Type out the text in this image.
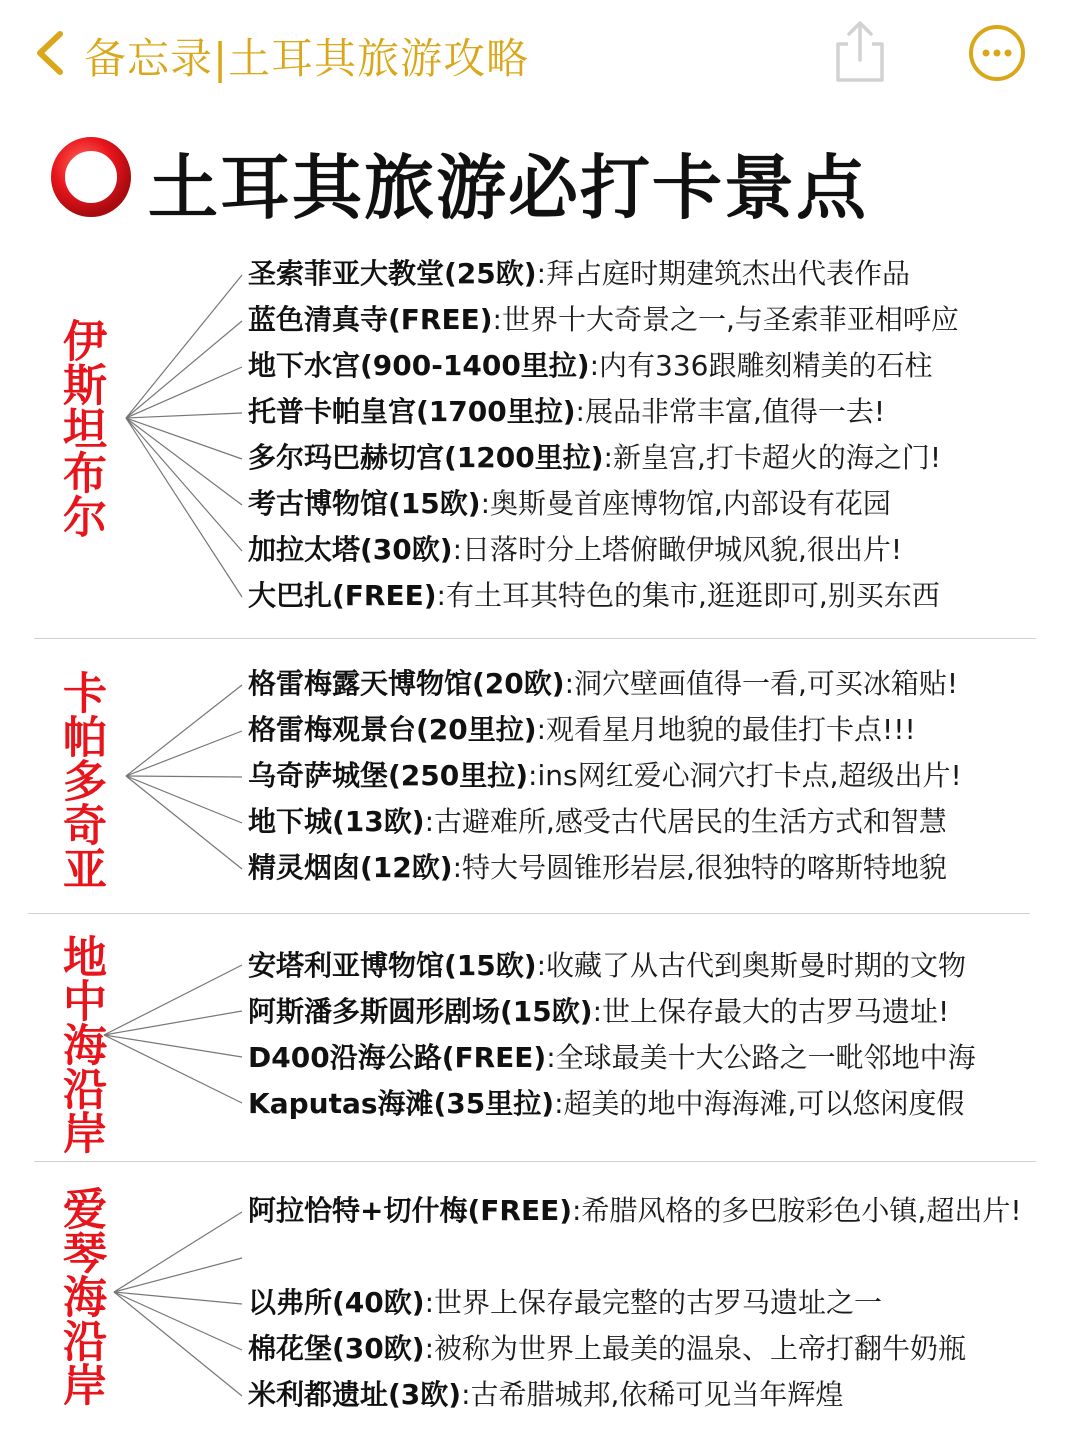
备忘录|土耳其旅游攻略
土耳其旅游必打卡景点
伊斯坦布尔
圣索菲亚大教堂(25欧):拜占庭时期建筑杰出代表作品
蓝色清真寺(FREE):世界十大奇景之一,与圣索菲亚相呼应
地下水宫(900-1400里拉):内有336跟雕刻精美的石柱
托普卡帕皇宫(1700里拉):展品非常丰富,值得一去!
多尔玛巴赫切宫(1200里拉):新皇宫,打卡超火的海之门!
考古博物馆(15欧):奥斯曼首座博物馆,内部设有花园
加拉太塔(30欧):日落时分上塔俯瞰伊城风貌,很出片!
大巴扎(FREE):有土耳其特色的集市,逛逛即可,别买东西
卡帕多奇亚	格雷梅露天博物馆(20欧):洞穴壁画值得一看,可买冰箱贴!
格雷梅观景台(20里拉):观看星月地貌的最佳打卡点!!!
乌奇萨城堡(250里拉):ins网红爱心洞穴打卡点,超级出片!
地下城(13欧):古避难所,感受古代居民的生活方式和智慧
精灵烟囱(12欧):特大号圆锥形岩层,很独特的喀斯特地貌
地中海沿岸	安塔利亚博物馆(15欧):收藏了从古代到奥斯曼时期的文物
阿斯潘多斯圆形剧场(15欧):世上保存最大的古罗马遗址!
D400沿海公路(FREE):全球最美十大公路之一毗邻地中海
Kaputas海滩(35里拉):超美的地中海海滩,可以悠闲度假
爱琴海沿岸	阿拉恰特+切什梅(FREE):希腊风格的多巴胺彩色小镇,超出片!
以弗所(40欧):世界上保存最完整的古罗马遗址之一
棉花堡(30欧):被称为世界上最美的温泉、上帝打翻牛奶瓶
米利都遗址(3欧):古希腊城邦,依稀可见当年辉煌
